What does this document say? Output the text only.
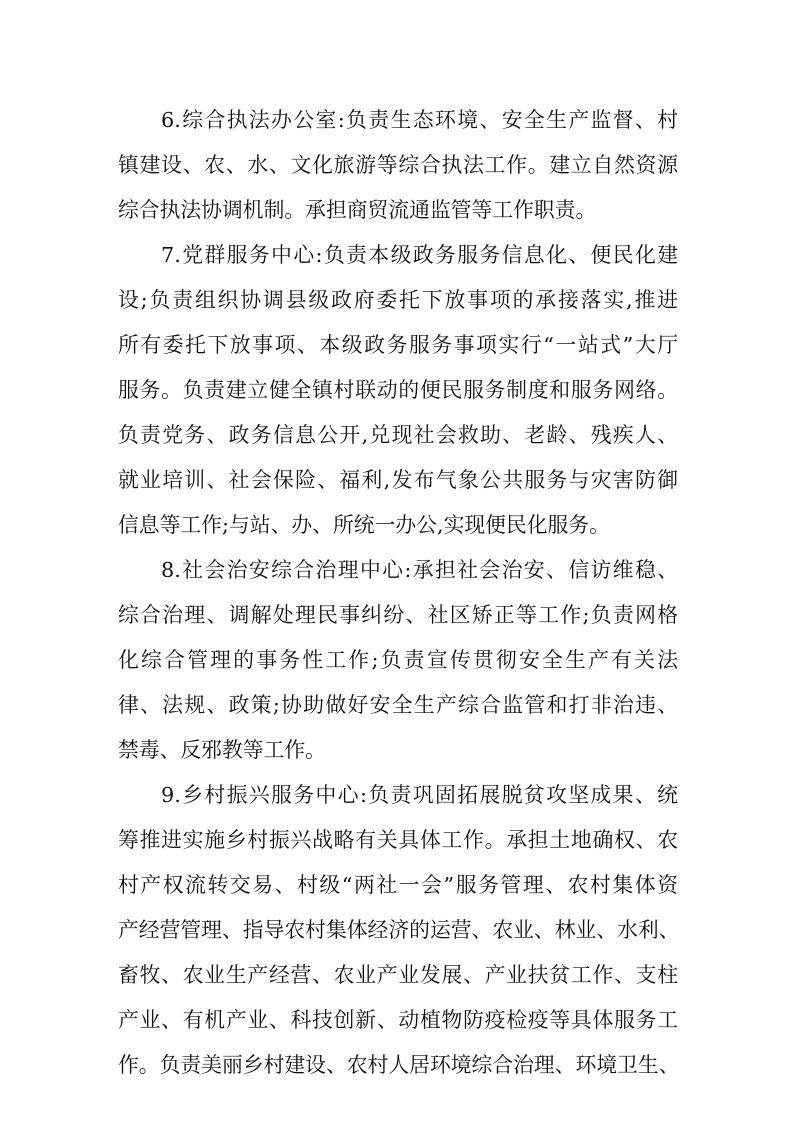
6.综合执法办公室:负责生态环境、安全生产监督、村
镇建设、农、水、文化旅游等综合执法工作。建立自然资源
综合执法协调机制。承担商贸流通监管等工作职责。
7.党群服务中心:负责本级政务服务信息化、便民化建
设;负责组织协调县级政府委托下放事项的承接落实,推进
所有委托下放事项、本级政务服务事项实行“一站式”大厅
服务。负责建立健全镇村联动的便民服务制度和服务网络。
负责党务、政务信息公开,兑现社会救助、老龄、残疾人、
就业培训、社会保险、福利,发布气象公共服务与灾害防御
信息等工作;与站、办、所统一办公,实现便民化服务。
8.社会治安综合治理中心:承担社会治安、信访维稳、
综合治理、调解处理民事纠纷、社区矫正等工作;负责网格
化综合管理的事务性工作;负责宣传贯彻安全生产有关法
律、法规、政策;协助做好安全生产综合监管和打非治违、
禁毒、反邪教等工作。
9.乡村振兴服务中心:负责巩固拓展脱贫攻坚成果、统
筹推进实施乡村振兴战略有关具体工作。承担土地确权、农
村产权流转交易、村级“两社一会”服务管理、农村集体资
产经营管理、指导农村集体经济的运营、农业、林业、水利、
畜牧、农业生产经营、农业产业发展、产业扶贫工作、支柱
产业、有机产业、科技创新、动植物防疫检疫等具体服务工
作。负责美丽乡村建设、农村人居环境综合治理、环境卫生、
